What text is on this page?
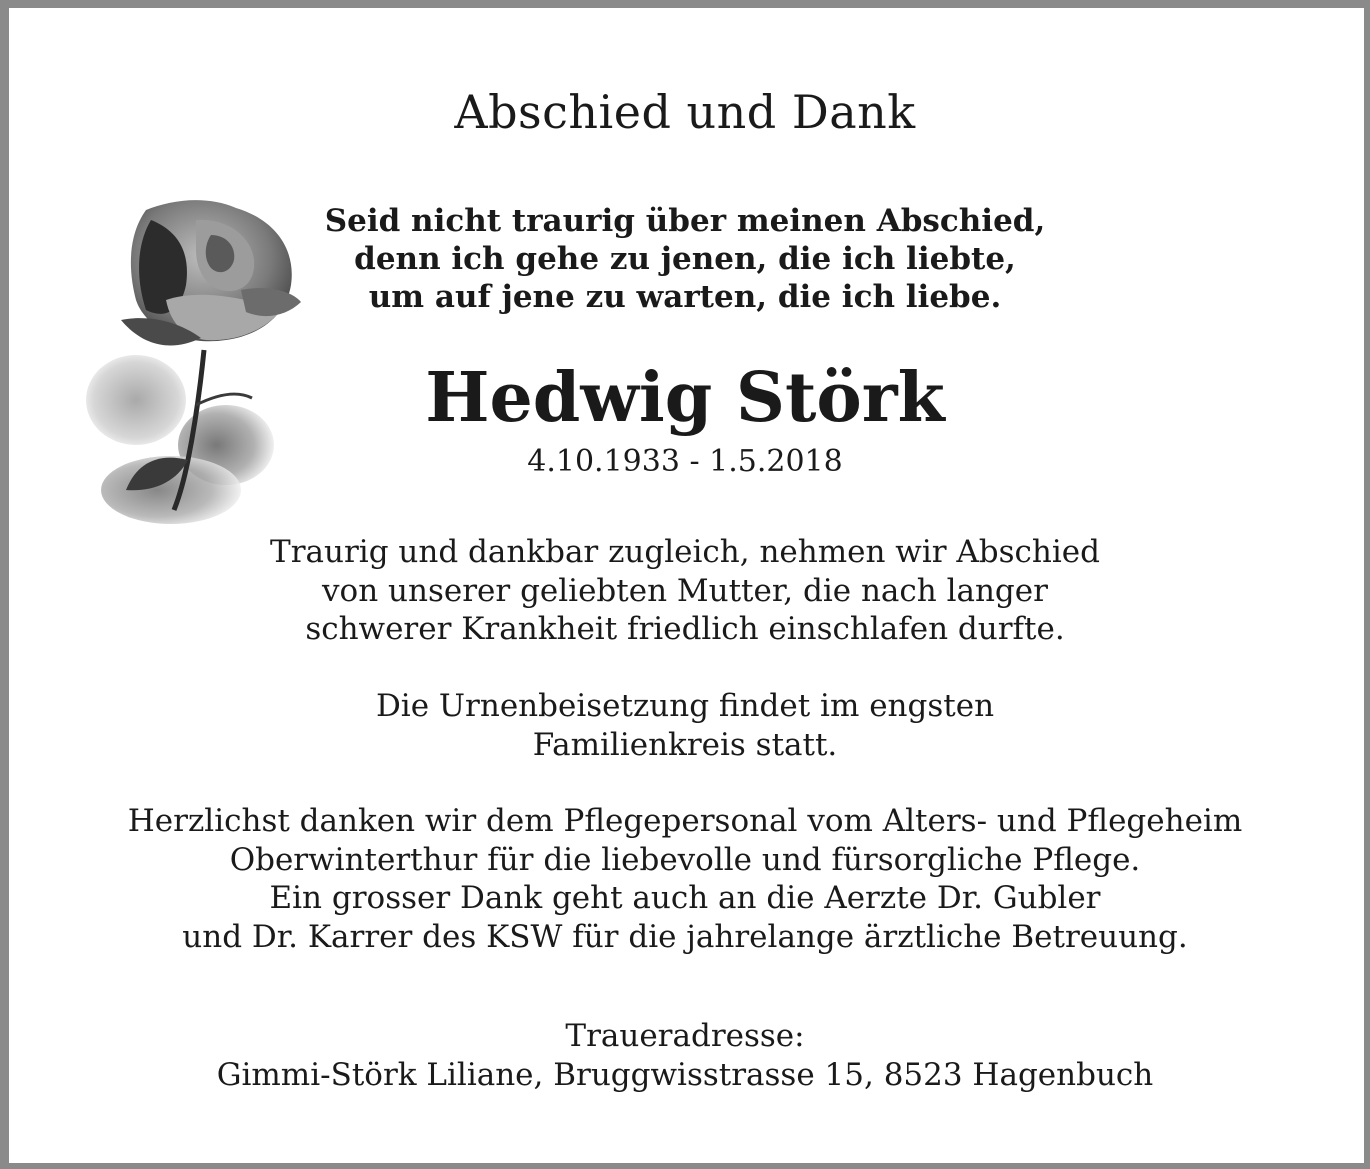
Abschied und Dank
Seid nicht traurig über meinen Abschied,
denn ich gehe zu jenen, die ich liebte,
um auf jene zu warten, die ich liebe.
Hedwig Störk
4.10.1933 - 1.5.2018
Traurig und dankbar zugleich, nehmen wir Abschied
von unserer geliebten Mutter, die nach langer
schwerer Krankheit friedlich einschlafen durfte.
Die Urnenbeisetzung findet im engsten
Familienkreis statt.
Herzlichst danken wir dem Pflegepersonal vom Alters- und Pflegeheim
Oberwinterthur für die liebevolle und fürsorgliche Pflege.
Ein grosser Dank geht auch an die Aerzte Dr. Gubler
und Dr. Karrer des KSW für die jahrelange ärztliche Betreuung.
Traueradresse:
Gimmi-Störk Liliane, Bruggwisstrasse 15, 8523 Hagenbuch
